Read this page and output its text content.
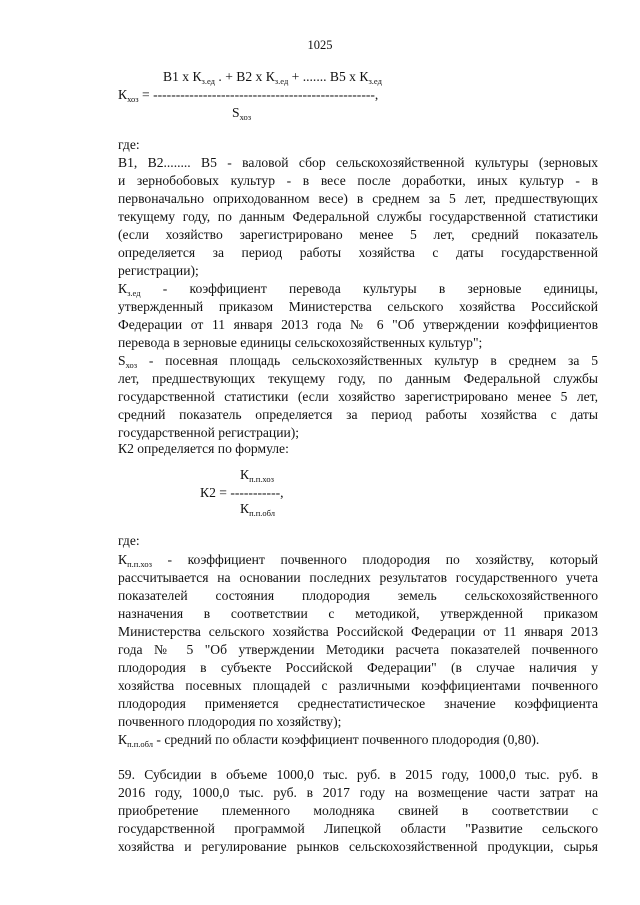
1025
В1 х $К_{з.ед}$ . + В2 х $К_{з.ед}$ + ....... В5 х $К_{з.ед}$
$К_{хоз}$ = -------------------------------------------------,
$S_{хоз}$
где:
В1, В2........ В5 - валовой сбор сельскохозяйственной культуры (зерновых
и зернобобовых культур - в весе после доработки, иных культур - в
первоначально оприходованном весе) в среднем за 5 лет, предшествующих
текущему году, по данным Федеральной службы государственной статистики
(если хозяйство зарегистрировано менее 5 лет, средний показатель
определяется за период работы хозяйства с даты государственной
регистрации);
$К_{з.ед}$ - коэффициент перевода культуры в зерновые единицы,
утвержденный приказом Министерства сельского хозяйства Российской
Федерации от 11 января 2013 года № 6 "Об утверждении коэффициентов
перевода в зерновые единицы сельскохозяйственных культур";
$S_{хоз}$ - посевная площадь сельскохозяйственных культур в среднем за 5
лет, предшествующих текущему году, по данным Федеральной службы
государственной статистики (если хозяйство зарегистрировано менее 5 лет,
средний показатель определяется за период работы хозяйства с даты
государственной регистрации);
К2 определяется по формуле:
$К_{п.п.хоз}$
К2 = -----------,
$К_{п.п.обл}$
где:
$К_{п.п.хоз}$ - коэффициент почвенного плодородия по хозяйству, который
рассчитывается на основании последних результатов государственного учета
показателей состояния плодородия земель сельскохозяйственного
назначения в соответствии с методикой, утвержденной приказом
Министерства сельского хозяйства Российской Федерации от 11 января 2013
года № 5 "Об утверждении Методики расчета показателей почвенного
плодородия в субъекте Российской Федерации" (в случае наличия у
хозяйства посевных площадей с различными коэффициентами почвенного
плодородия применяется среднестатистическое значение коэффициента
почвенного плодородия по хозяйству);
$К_{п.п.обл}$ - средний по области коэффициент почвенного плодородия (0,80).
59. Субсидии в объеме 1000,0 тыс. руб. в 2015 году, 1000,0 тыс. руб. в
2016 году, 1000,0 тыс. руб. в 2017 году на возмещение части затрат на
приобретение племенного молодняка свиней в соответствии с
государственной программой Липецкой области "Развитие сельского
хозяйства и регулирование рынков сельскохозяйственной продукции, сырья
